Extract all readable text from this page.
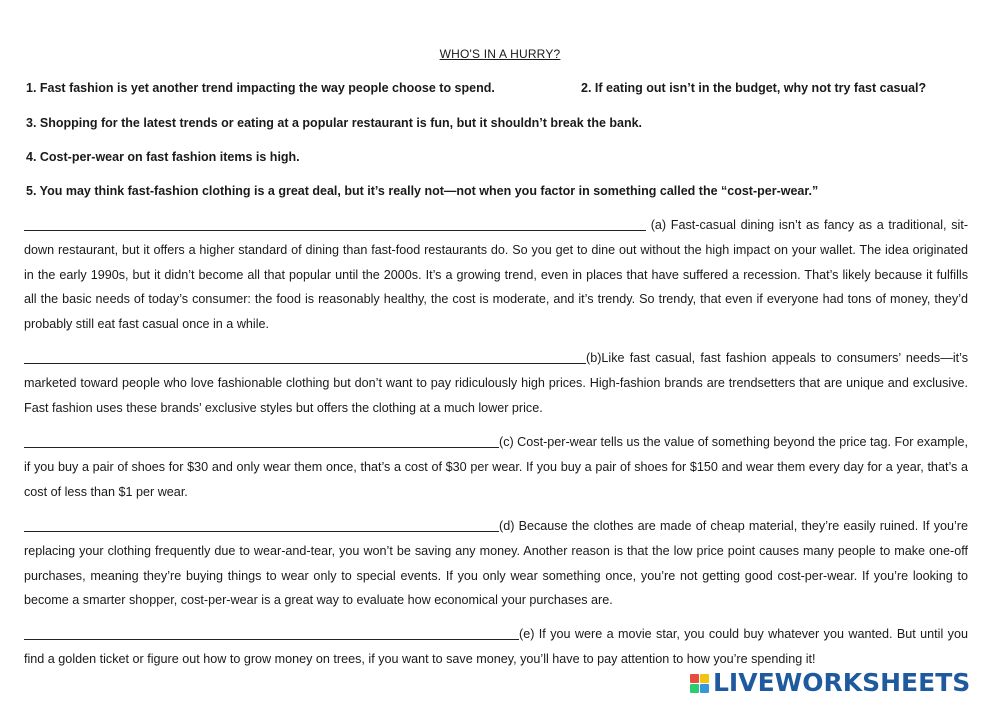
WHO'S IN A HURRY?
1. Fast fashion is yet another trend impacting the way people choose to spend.	2. If eating out isn’t in the budget, why not try fast casual?
3. Shopping for the latest trends or eating at a popular restaurant is fun, but it shouldn’t break the bank.
4. Cost-per-wear on fast fashion items is high.
5. You may think fast-fashion clothing is a great deal, but it’s really not—not when you factor in something called the “cost-per-wear.”
(a) Fast-casual dining isn’t as fancy as a traditional, sit-down restaurant, but it offers a higher standard of dining than fast-food restaurants do. So you get to dine out without the high impact on your wallet. The idea originated in the early 1990s, but it didn’t become all that popular until the 2000s. It’s a growing trend, even in places that have suffered a recession. That’s likely because it fulfills all the basic needs of today’s consumer: the food is reasonably healthy, the cost is moderate, and it’s trendy. So trendy, that even if everyone had tons of money, they’d probably still eat fast casual once in a while.
(b)Like fast casual, fast fashion appeals to consumers’ needs—it’s marketed toward people who love fashionable clothing but don’t want to pay ridiculously high prices. High-fashion brands are trendsetters that are unique and exclusive. Fast fashion uses these brands’ exclusive styles but offers the clothing at a much lower price.
(c) Cost-per-wear tells us the value of something beyond the price tag. For example, if you buy a pair of shoes for $30 and only wear them once, that’s a cost of $30 per wear. If you buy a pair of shoes for $150 and wear them every day for a year, that’s a cost of less than $1 per wear.
(d) Because the clothes are made of cheap material, they’re easily ruined. If you’re replacing your clothing frequently due to wear-and-tear, you won’t be saving any money. Another reason is that the low price point causes many people to make one-off purchases, meaning they’re buying things to wear only to special events. If you only wear something once, you’re not getting good cost-per-wear. If you’re looking to become a smarter shopper, cost-per-wear is a great way to evaluate how economical your purchases are.
(e) If you were a movie star, you could buy whatever you wanted. But until you find a golden ticket or figure out how to grow money on trees, if you want to save money, you’ll have to pay attention to how you’re spending it!
LIVEWORKSHEETS
